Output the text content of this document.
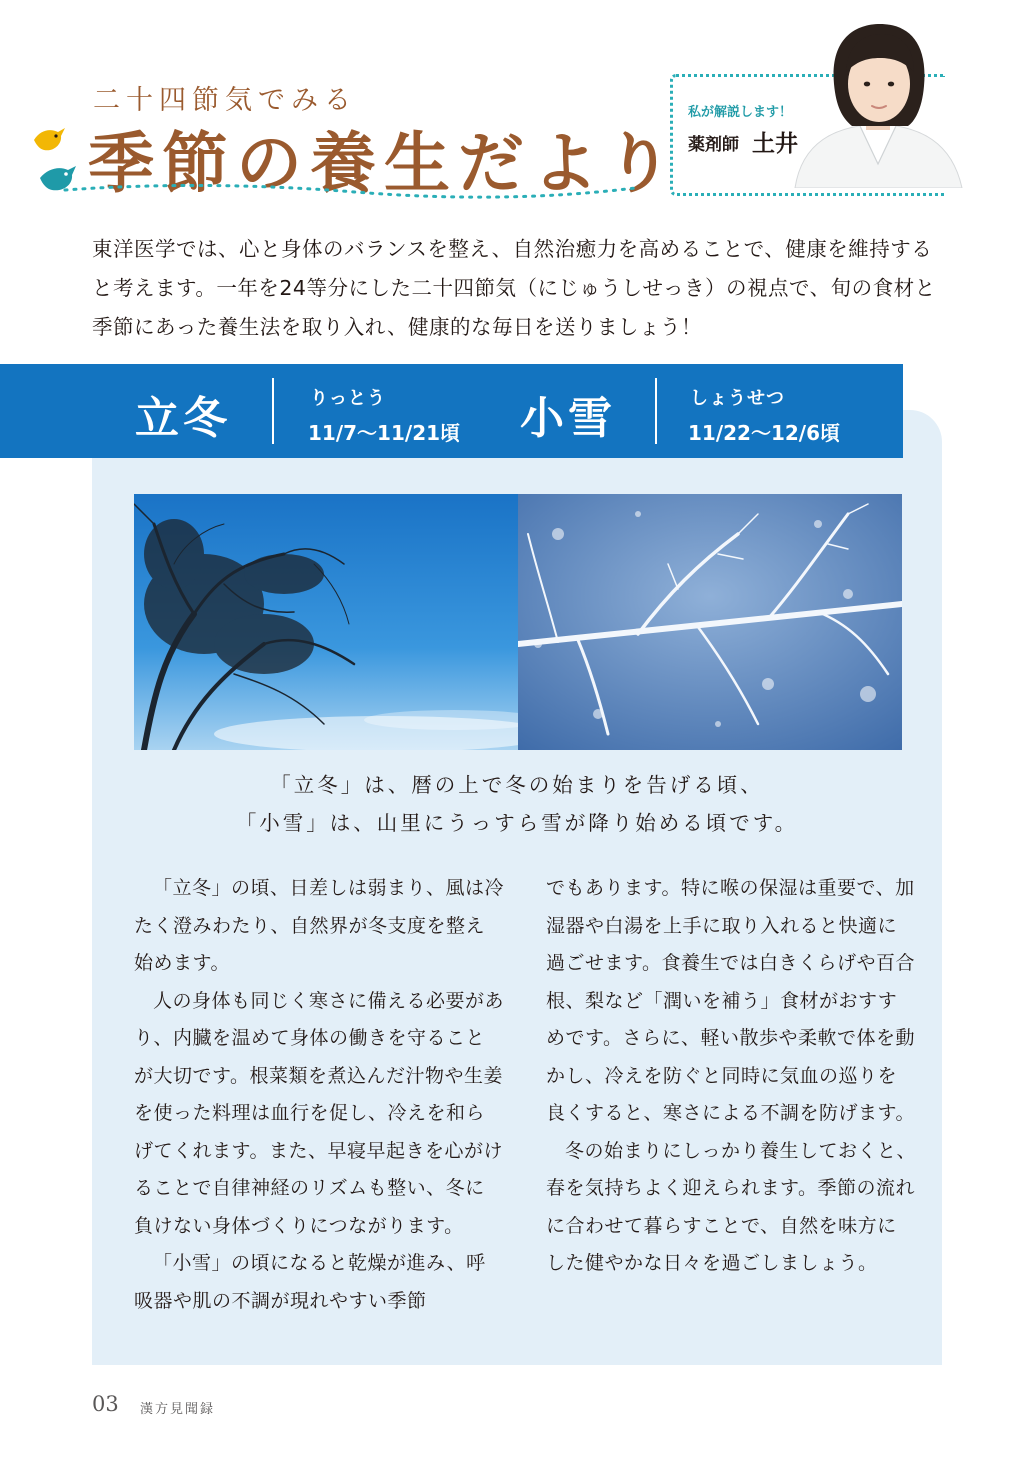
二十四節気でみる
季節の養生だより
私が解説します！
薬剤師 土井
東洋医学では、心と身体のバランスを整え、自然治癒力を高めることで、健康を維持すると考えます。一年を24等分にした二十四節気（にじゅうしせっき）の視点で、旬の食材と季節にあった養生法を取り入れ、健康的な毎日を送りましょう！
立冬	りっとう
11/7〜11/21頃 小雪	しょうせつ
11/22〜12/6頃
「立冬」は、暦の上で冬の始まりを告げる頃、
「小雪」は、山里にうっすら雪が降り始める頃です。

「立冬」の頃、日差しは弱まり、風は冷たく澄みわたり、自然界が冬支度を整え始めます。

人の身体も同じく寒さに備える必要があり、内臓を温めて身体の働きを守ることが大切です。根菜類を煮込んだ汁物や生姜を使った料理は血行を促し、冷えを和らげてくれます。また、早寝早起きを心がけることで自律神経のリズムも整い、冬に負けない身体づくりにつながります。

「小雪」の頃になると乾燥が進み、呼吸器や肌の不調が現れやすい季節

でもあります。特に喉の保湿は重要で、加湿器や白湯を上手に取り入れると快適に過ごせます。食養生では白きくらげや百合根、梨など「潤いを補う」食材がおすすめです。さらに、軽い散歩や柔軟で体を動かし、冷えを防ぐと同時に気血の巡りを良くすると、寒さによる不調を防げます。

冬の始まりにしっかり養生しておくと、春を気持ちよく迎えられます。季節の流れに合わせて暮らすことで、自然を味方にした健やかな日々を過ごしましょう。

03 漢方見聞録
